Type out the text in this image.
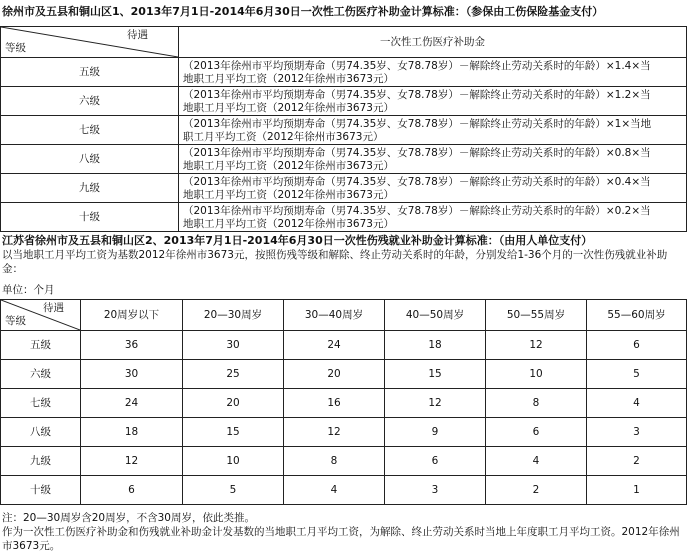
徐州市及五县和铜山区1、2013年7月1日-2014年6月30日一次性工伤医疗补助金计算标准：（参保由工伤保险基金支付）
待遇
等级	一次性工伤医疗补助金
五级	（2013年徐州市平均预期寿命（男74.35岁、女78.78岁）－解除终止劳动关系时的年龄）×1.4×当
地职工月平均工资（2012年徐州市3673元）

六级	（2013年徐州市平均预期寿命（男74.35岁、女78.78岁）－解除终止劳动关系时的年龄）×1.2×当
地职工月平均工资（2012年徐州市3673元）

七级	（2013年徐州市平均预期寿命（男74.35岁、女78.78岁）－解除终止劳动关系时的年龄）×1×当地
职工月平均工资（2012年徐州市3673元）

八级	（2013年徐州市平均预期寿命（男74.35岁、女78.78岁）－解除终止劳动关系时的年龄）×0.8×当
地职工月平均工资（2012年徐州市3673元）

九级	（2013年徐州市平均预期寿命（男74.35岁、女78.78岁）－解除终止劳动关系时的年龄）×0.4×当
地职工月平均工资（2012年徐州市3673元）

十级	（2013年徐州市平均预期寿命（男74.35岁、女78.78岁）－解除终止劳动关系时的年龄）×0.2×当
地职工月平均工资（2012年徐州市3673元）
江苏省徐州市及五县和铜山区2、2013年7月1日-2014年6月30日一次性伤残就业补助金计算标准：（由用人单位支付）
以当地职工月平均工资为基数2012年徐州市3673元，按照伤残等级和解除、终止劳动关系时的年龄，分别发给1-36个月的一次性伤残就业补助金：
单位：个月
待遇
等级	20周岁以下	20—30周岁	30—40周岁	40—50周岁	50—55周岁	55—60周岁
五级	36	30	24	18	12	6
六级	30	25	20	15	10	5
七级	24	20	16	12	8	4
八级	18	15	12	9	6	3
九级	12	10	8	6	4	2
十级	6	5	4	3	2	1
注：20—30周岁含20周岁，不含30周岁，依此类推。
作为一次性工伤医疗补助金和伤残就业补助金计发基数的当地职工月平均工资，为解除、终止劳动关系时当地上年度职工月平均工资。2012年徐州市3673元。
